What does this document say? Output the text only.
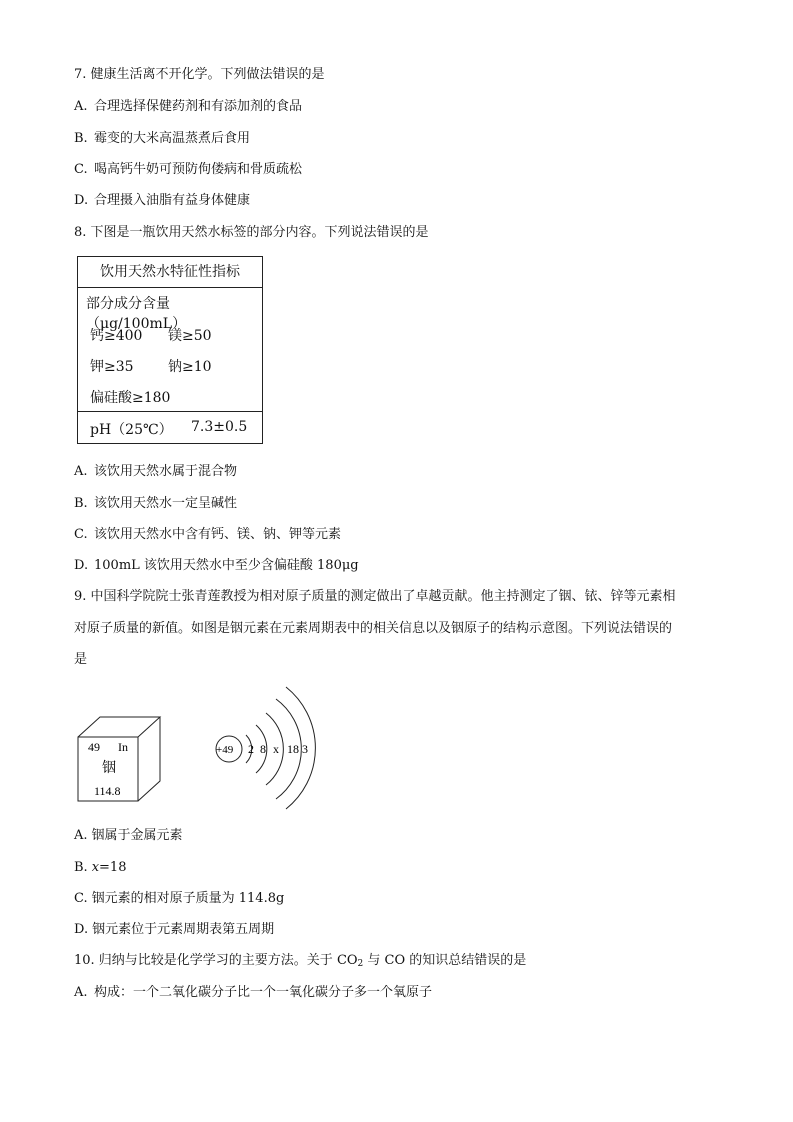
7. 健康生活离不开化学。下列做法错误的是
A. 合理选择保健药剂和有添加剂的食品
B. 霉变的大米高温蒸煮后食用
C. 喝高钙牛奶可预防佝偻病和骨质疏松
D. 合理摄入油脂有益身体健康
8. 下图是一瓶饮用天然水标签的部分内容。下列说法错误的是
饮用天然水特征性指标
部分成分含量（μg/100mL）
钙≥400 镁≥50
钾≥35 钠≥10
偏硅酸≥180
pH（25℃） 7.3±0.5
A. 该饮用天然水属于混合物
B. 该饮用天然水一定呈碱性
C. 该饮用天然水中含有钙、镁、钠、钾等元素
D. 100mL 该饮用天然水中至少含偏硅酸 180μg
9. 中国科学院院士张青莲教授为相对原子质量的测定做出了卓越贡献。他主持测定了铟、铱、锌等元素相
对原子质量的新值。如图是铟元素在元素周期表中的相关信息以及铟原子的结构示意图。下列说法错误的
是
49 In
铟
114.8
+49 2 8 x 18 3
A. 铟属于金属元素
B. x=18
C. 铟元素的相对原子质量为 114.8g
D. 铟元素位于元素周期表第五周期
10. 归纳与比较是化学学习的主要方法。关于 $CO_2$ 与 CO 的知识总结错误的是
A. 构成：一个二氧化碳分子比一个一氧化碳分子多一个氧原子
